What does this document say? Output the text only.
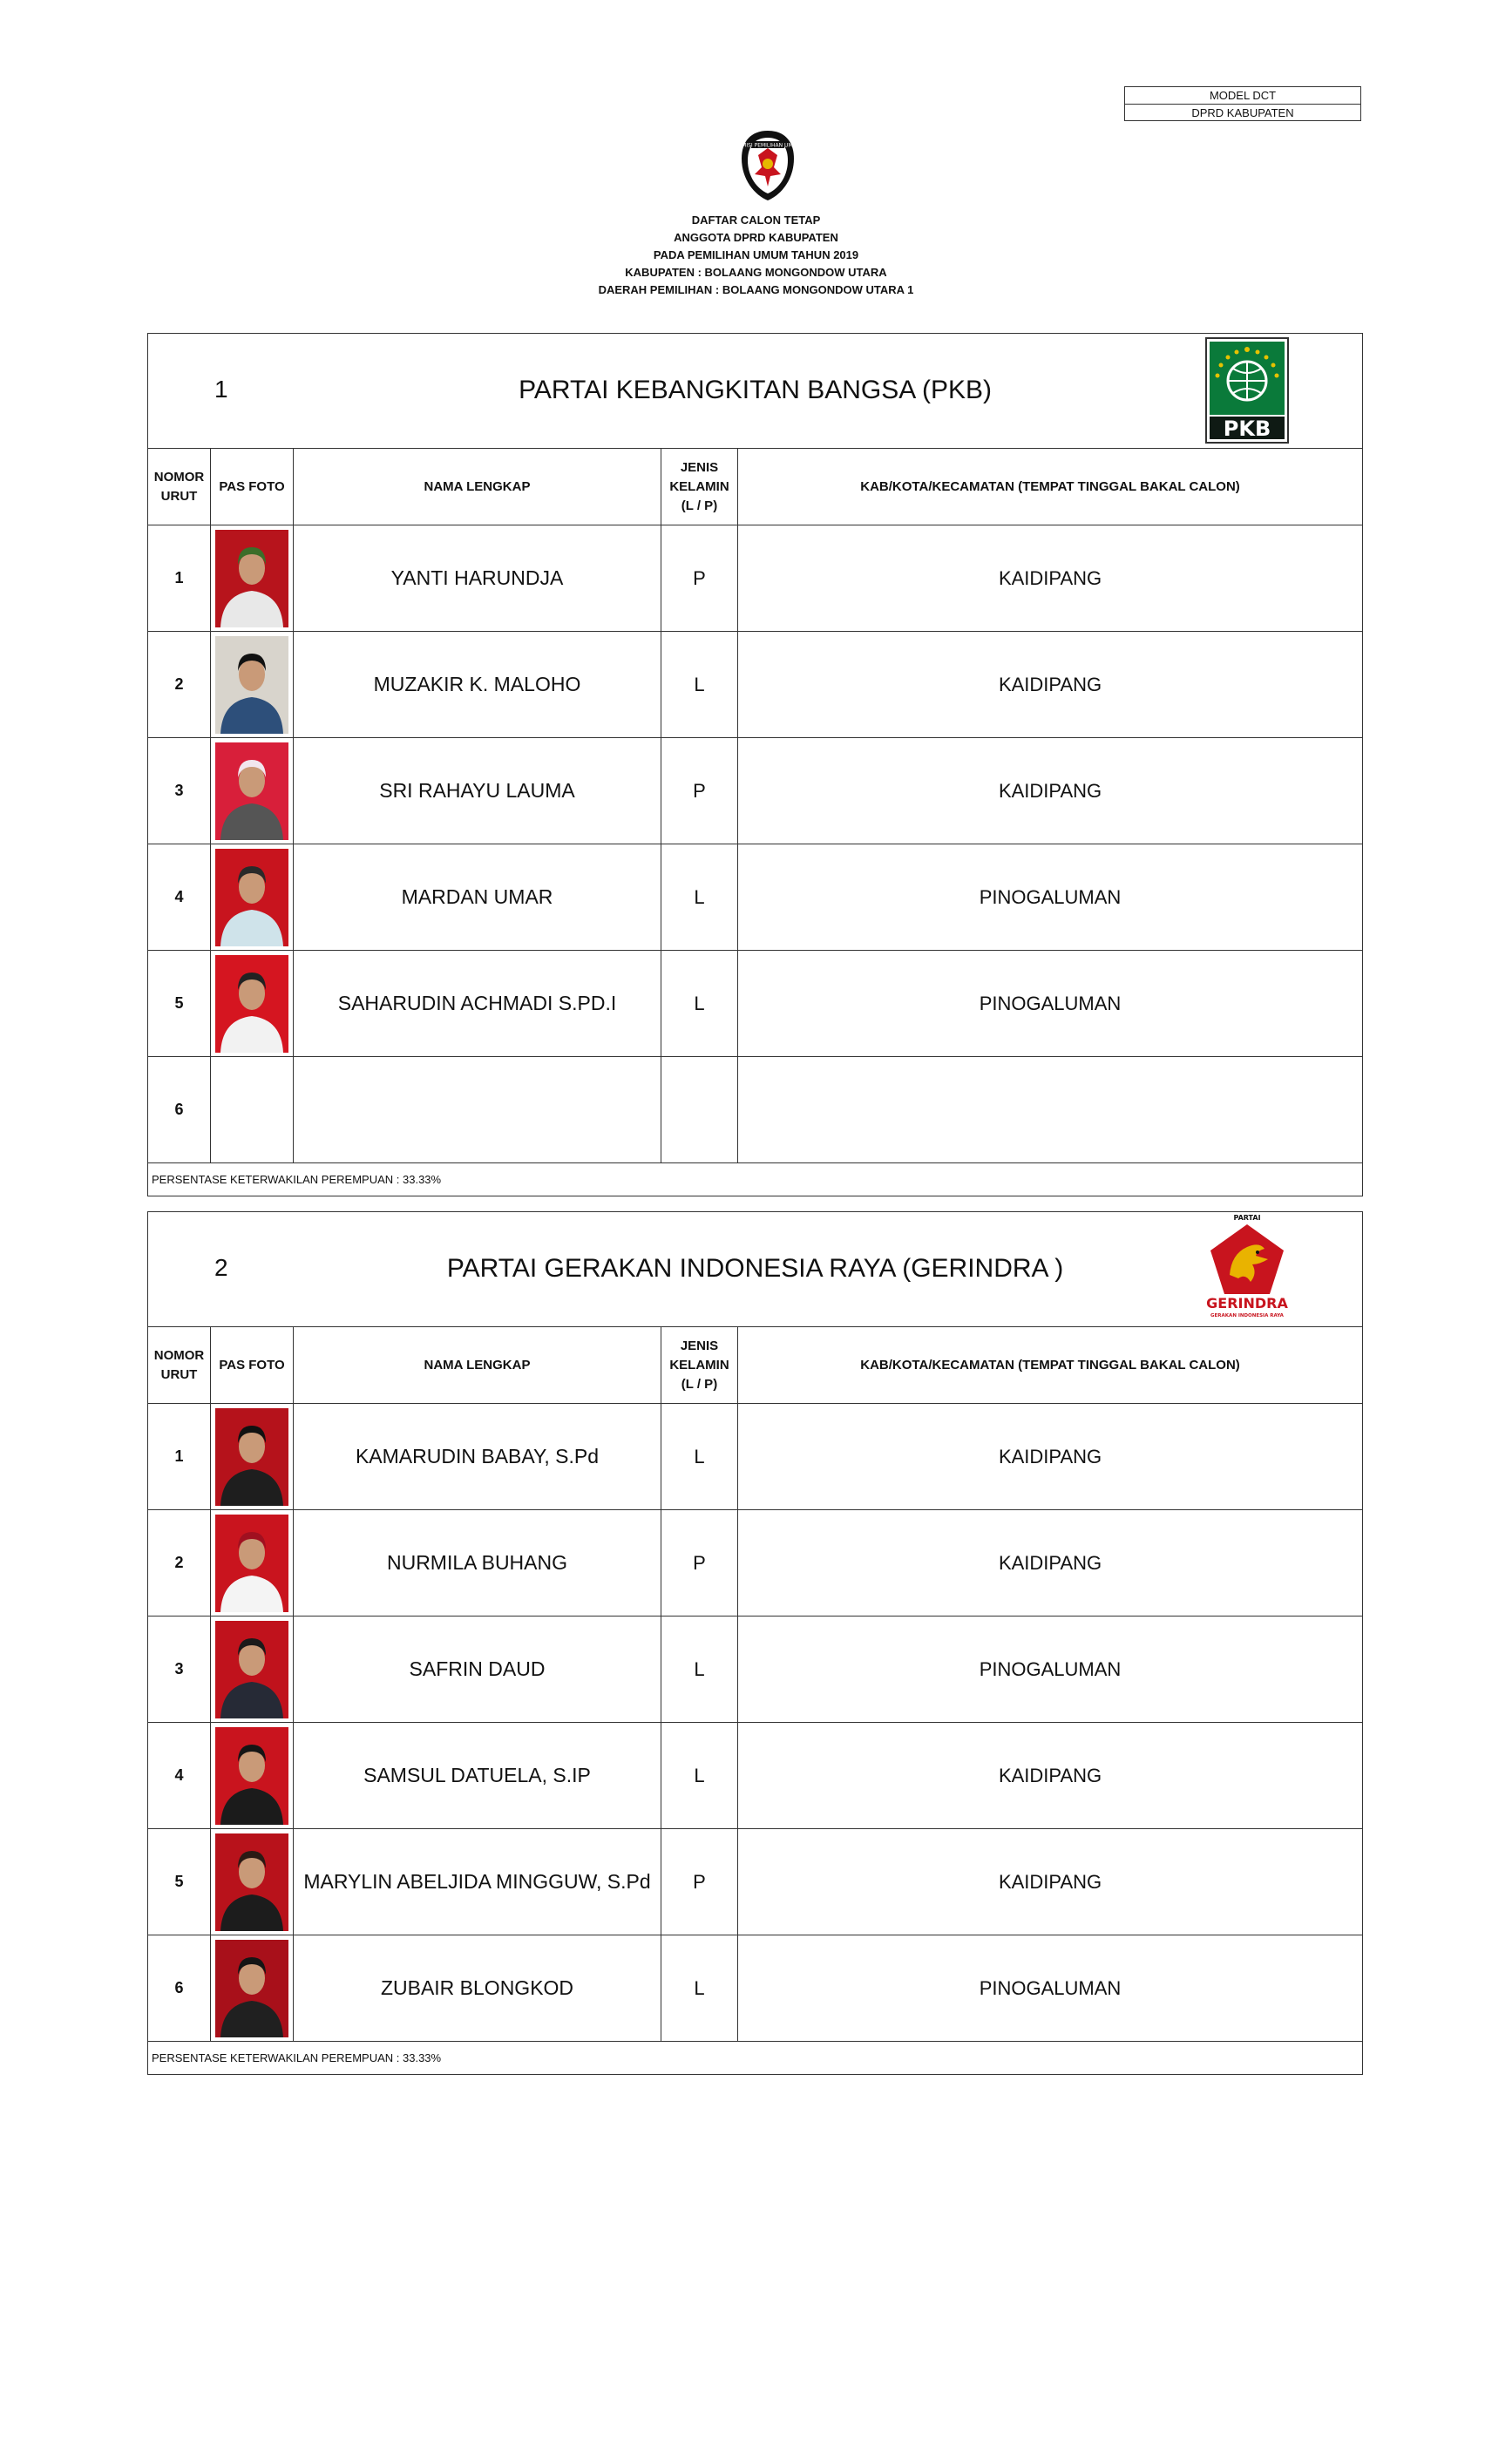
MODEL DCT
DPRD KABUPATEN
KOMISI PEMILIHAN UMUM
DAFTAR CALON TETAP
ANGGOTA DPRD KABUPATEN
PADA PEMILIHAN UMUM TAHUN 2019
KABUPATEN : BOLAANG MONGONDOW UTARA
DAERAH PEMILIHAN : BOLAANG MONGONDOW UTARA 1
1 PARTAI KEBANGKITAN BANGSA (PKB)
PKB				

NOMOR
URUT	PAS FOTO	NAMA LENGKAP	JENIS
KELAMIN
(L / P)	KAB/KOTA/KECAMATAN (TEMPAT TINGGAL BAKAL CALON)
1		YANTI HARUNDJA	P	KAIDIPANG
2		MUZAKIR K. MALOHO	L	KAIDIPANG
3		SRI RAHAYU LAUMA	P	KAIDIPANG
4		MARDAN UMAR	L	PINOGALUMAN
5		SAHARUDIN ACHMADI S.PD.I	L	PINOGALUMAN
6				
PERSENTASE KETERWAKILAN PEREMPUAN : 33.33%				
2 PARTAI GERAKAN INDONESIA RAYA (GERINDRA )
PARTAI
GERINDRA
GERAKAN INDONESIA RAYA				

NOMOR
URUT	PAS FOTO	NAMA LENGKAP	JENIS
KELAMIN
(L / P)	KAB/KOTA/KECAMATAN (TEMPAT TINGGAL BAKAL CALON)
1		KAMARUDIN BABAY, S.Pd	L	KAIDIPANG
2		NURMILA BUHANG	P	KAIDIPANG
3		SAFRIN DAUD	L	PINOGALUMAN
4		SAMSUL DATUELA, S.IP	L	KAIDIPANG
5		MARYLIN ABELJIDA MINGGUW, S.Pd	P	KAIDIPANG
6		ZUBAIR BLONGKOD	L	PINOGALUMAN
PERSENTASE KETERWAKILAN PEREMPUAN : 33.33%				
